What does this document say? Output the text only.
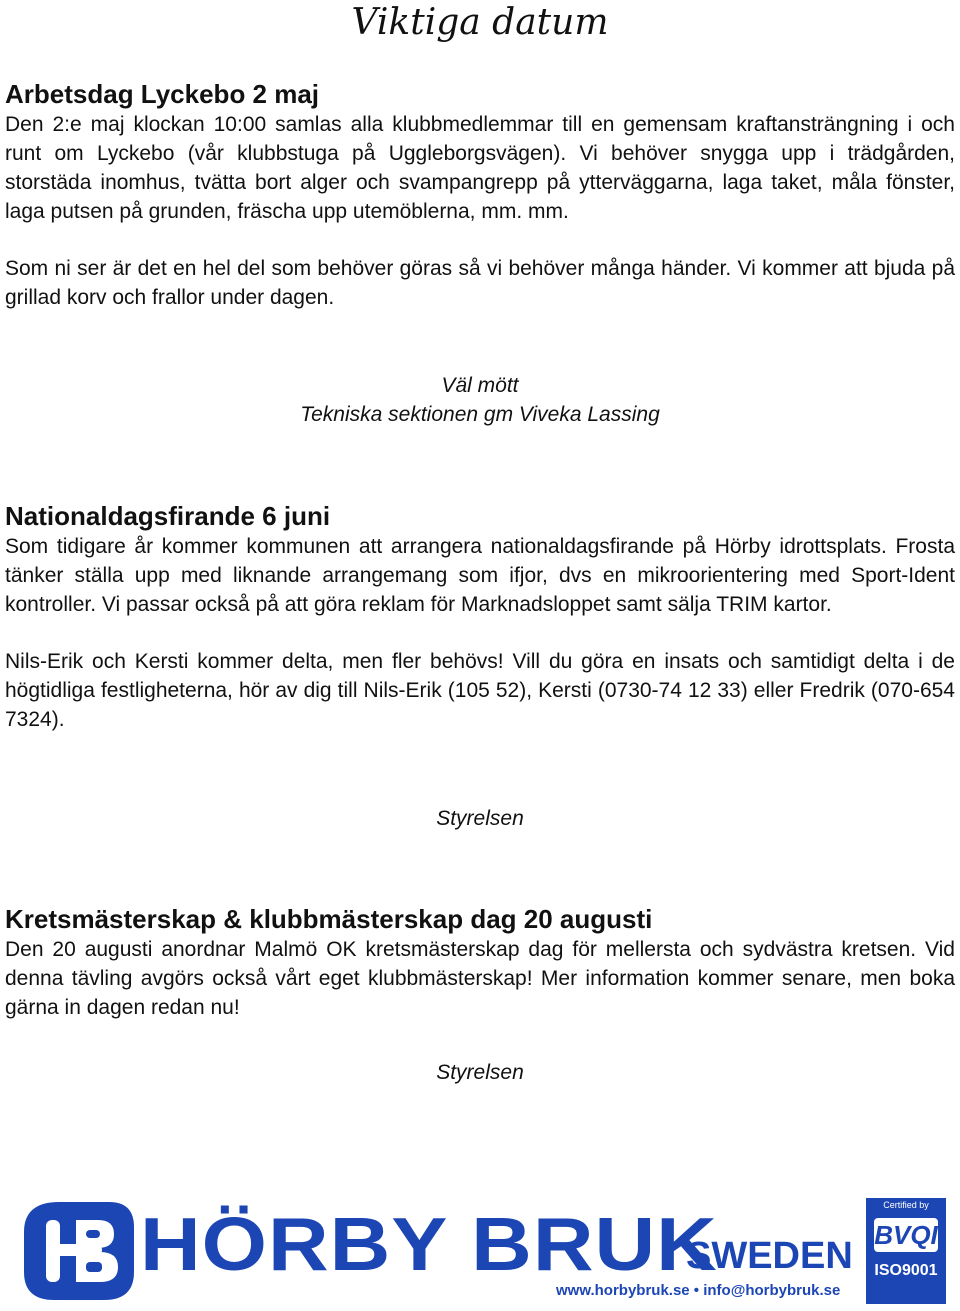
Viktiga datum
Arbetsdag Lyckebo 2 maj

Den 2:e maj klockan 10:00 samlas alla klubbmedlemmar till en gemensam kraftansträngning i och runt om Lyckebo (vår klubbstuga på Uggleborgsvägen). Vi behöver snygga upp i trädgården, storstäda inomhus, tvätta bort alger och svampangrepp på ytterväggarna, laga taket, måla fönster, laga putsen på grunden, fräscha upp utemöblerna, mm. mm.

Som ni ser är det en hel del som behöver göras så vi behöver många händer. Vi kommer att bjuda på grillad korv och frallor under dagen.

Väl mött
Tekniska sektionen gm Viveka Lassing
Nationaldagsfirande 6 juni

Som tidigare år kommer kommunen att arrangera nationaldagsfirande på Hörby idrottsplats. Frosta tänker ställa upp med liknande arrangemang som ifjor, dvs en mikroorientering med Sport-Ident kontroller. Vi passar också på att göra reklam för Marknadsloppet samt sälja TRIM kartor.

Nils-Erik och Kersti kommer delta, men fler behövs! Vill du göra en insats och samtidigt delta i de högtidliga festligheterna, hör av dig till Nils-Erik (105 52), Kersti (0730-74 12 33) eller Fredrik (070-654 7324).

Styrelsen
Kretsmästerskap & klubbmästerskap dag 20 augusti

Den 20 augusti anordnar Malmö OK kretsmästerskap dag för mellersta och sydvästra kretsen. Vid denna tävling avgörs också vårt eget klubbmästerskap! Mer information kommer senare, men boka gärna in dagen redan nu!

Styrelsen
HÖRBY BRUK
SWEDEN
www.horbybruk.se • info@horbybruk.se
Certified by
BVQI
ISO9001
